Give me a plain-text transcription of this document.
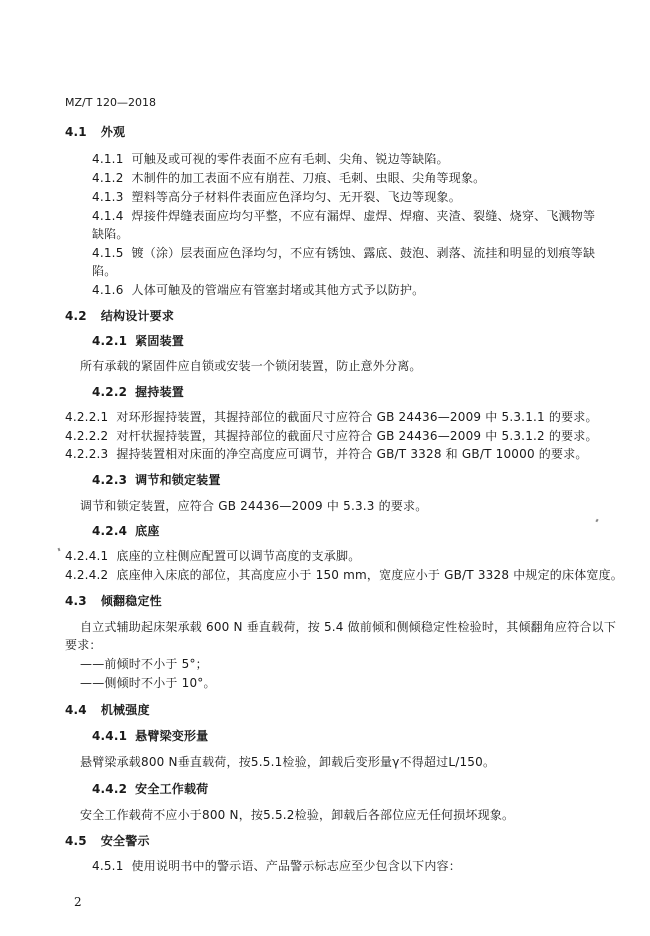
MZ/T 120—2018
4.1 外观
4.1.1 可触及或可视的零件表面不应有毛刺、尖角、锐边等缺陷。
4.1.2 木制件的加工表面不应有崩茬、刀痕、毛刺、虫眼、尖角等现象。
4.1.3 塑料等高分子材料件表面应色泽均匀、无开裂、飞边等现象。
4.1.4 焊接件焊缝表面应均匀平整，不应有漏焊、虚焊、焊瘤、夹渣、裂缝、烧穿、飞溅物等
缺陷。
4.1.5 镀（涂）层表面应色泽均匀，不应有锈蚀、露底、鼓泡、剥落、流挂和明显的划痕等缺
陷。
4.1.6 人体可触及的管端应有管塞封堵或其他方式予以防护。
4.2 结构设计要求
4.2.1 紧固装置
所有承载的紧固件应自锁或安装一个锁闭装置，防止意外分离。
4.2.2 握持装置
4.2.2.1 对环形握持装置，其握持部位的截面尺寸应符合 GB 24436—2009 中 5.3.1.1 的要求。
4.2.2.2 对杆状握持装置，其握持部位的截面尺寸应符合 GB 24436—2009 中 5.3.1.2 的要求。
4.2.2.3 握持装置相对床面的净空高度应可调节，并符合 GB/T 3328 和 GB/T 10000 的要求。
4.2.3 调节和锁定装置
调节和锁定装置，应符合 GB 24436—2009 中 5.3.3 的要求。
4.2.4 底座
4.2.4.1 底座的立柱侧应配置可以调节高度的支承脚。
4.2.4.2 底座伸入床底的部位，其高度应小于 150 mm，宽度应小于 GB/T 3328 中规定的床体宽度。
4.3 倾翻稳定性
自立式辅助起床架承载 600 N 垂直载荷，按 5.4 做前倾和侧倾稳定性检验时，其倾翻角应符合以下
要求：
——前倾时不小于 5°；
——侧倾时不小于 10°。
4.4 机械强度
4.4.1 悬臂梁变形量
悬臂梁承载800 N垂直载荷，按5.5.1检验，卸载后变形量γ不得超过L/150。
4.4.2 安全工作载荷
安全工作载荷不应小于800 N，按5.5.2检验，卸载后各部位应无任何损坏现象。
4.5 安全警示
4.5.1 使用说明书中的警示语、产品警示标志应至少包含以下内容：
2
